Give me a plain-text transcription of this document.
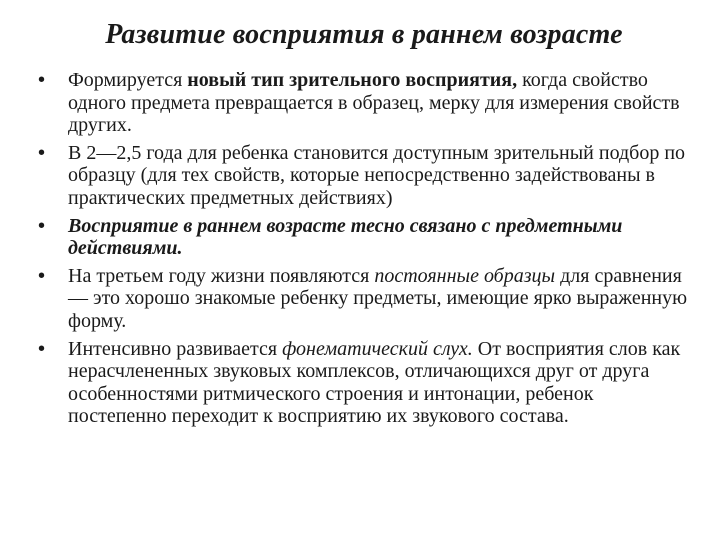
Развитие восприятия в раннем возрасте
•	Формируется новый тип зрительного восприятия, когда свойство одного предмета превращается в образец, мерку для измерения свойств других.
•	В 2—2,5 года для ребенка становится доступным зрительный подбор по образцу (для тех свойств, которые непосредственно задействованы в практических предметных действиях)
•	Восприятие в раннем возрасте тесно связано с предметными действиями.
•	На третьем году жизни появляются постоянные образцы для сравнения — это хорошо знакомые ребенку предметы, имеющие ярко выраженную форму.
•	Интенсивно развивается фонематический слух. От восприятия слов как нерасчлененных звуковых комплексов, отличающихся друг от друга особенностями ритмического строения и интонации, ребенок постепенно переходит к восприятию их звукового состава.
